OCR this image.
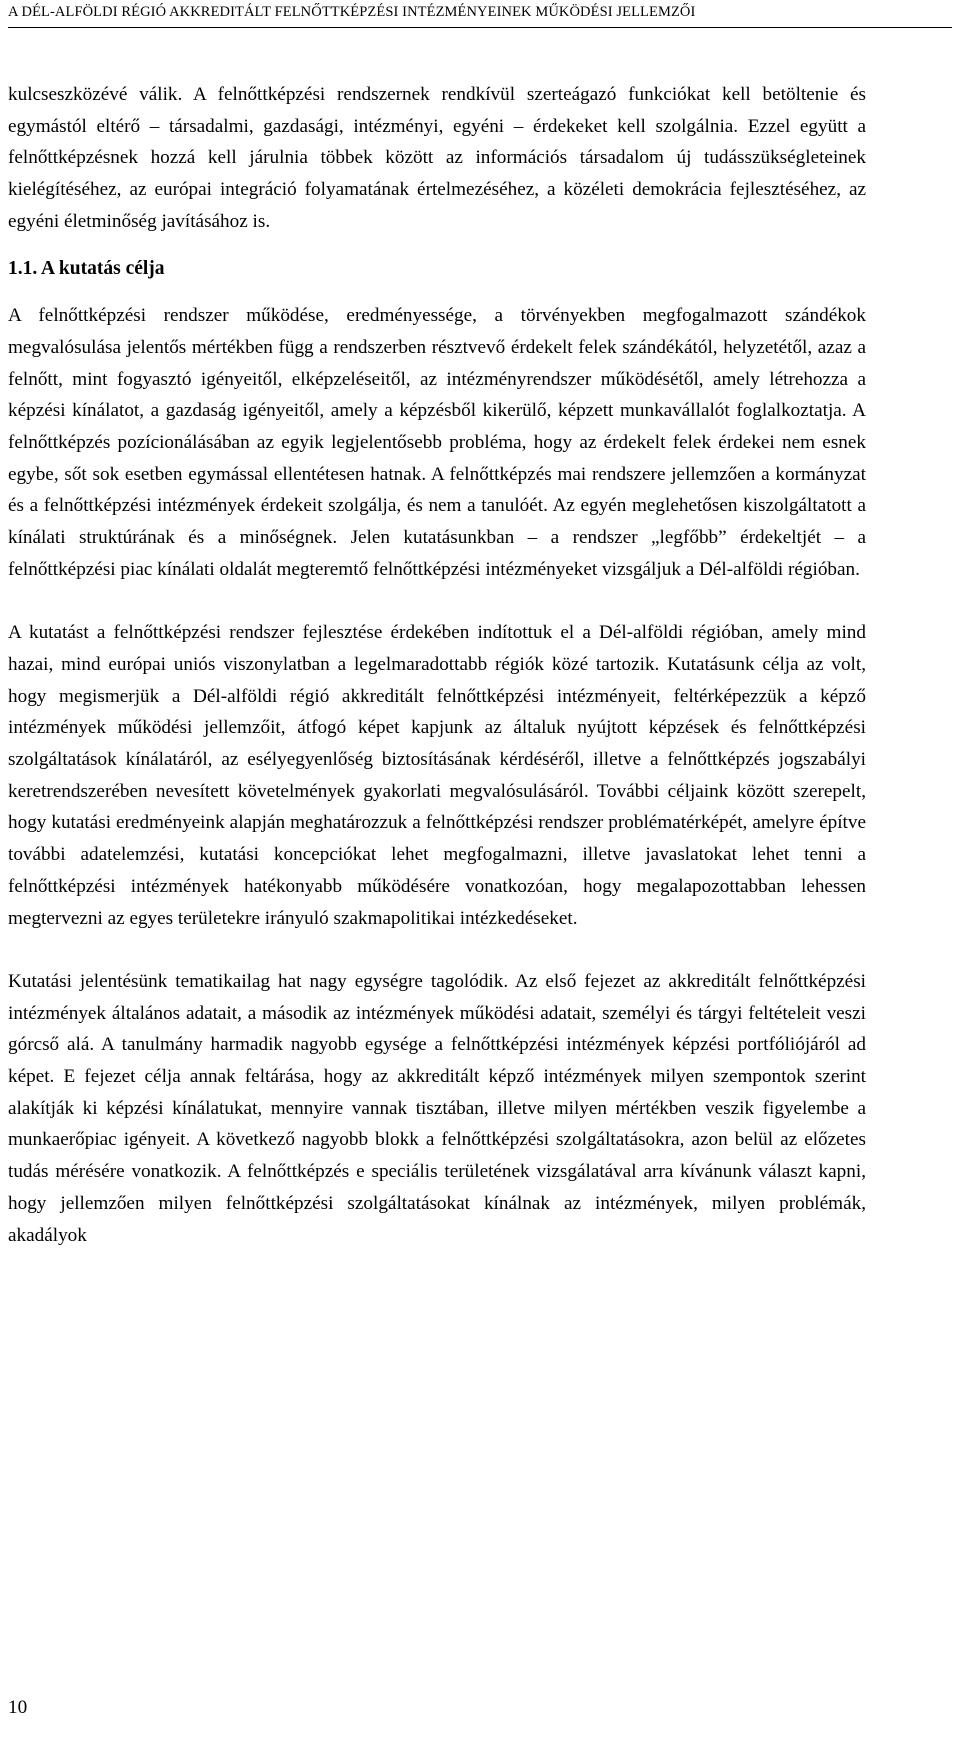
A DÉL-ALFÖLDI RÉGIÓ AKKREDITÁLT FELNŐTTKÉPZÉSI INTÉZMÉNYEINEK MŰKÖDÉSI JELLEMZŐI

kulcseszközévé válik. A felnőttképzési rendszernek rendkívül szerteágazó funkciókat kell betöltenie és egymástól eltérő – társadalmi, gazdasági, intézményi, egyéni – érdekeket kell szolgálnia. Ezzel együtt a felnőttképzésnek hozzá kell járulnia többek között az információs társadalom új tudásszükségleteinek kielégítéséhez, az európai integráció folyamatának értelmezéséhez, a közéleti demokrácia fejlesztéséhez, az egyéni életminőség javításához is.

1.1. A kutatás célja

A felnőttképzési rendszer működése, eredményessége, a törvényekben megfogalmazott szándékok megvalósulása jelentős mértékben függ a rendszerben résztvevő érdekelt felek szándékától, helyzetétől, azaz a felnőtt, mint fogyasztó igényeitől, elképzeléseitől, az intézményrendszer működésétől, amely létrehozza a képzési kínálatot, a gazdaság igényeitől, amely a képzésből kikerülő, képzett munkavállalót foglalkoztatja. A felnőttképzés pozícionálásában az egyik legjelentősebb probléma, hogy az érdekelt felek érdekei nem esnek egybe, sőt sok esetben egymással ellentétesen hatnak. A felnőttképzés mai rendszere jellemzően a kormányzat és a felnőttképzési intézmények érdekeit szolgálja, és nem a tanulóét. Az egyén meglehetősen kiszolgáltatott a kínálati struktúrának és a minőségnek. Jelen kutatásunkban – a rendszer „legfőbb” érdekeltjét – a felnőttképzési piac kínálati oldalát megteremtő felnőttképzési intézményeket vizsgáljuk a Dél-alföldi régióban.

A kutatást a felnőttképzési rendszer fejlesztése érdekében indítottuk el a Dél-alföldi régióban, amely mind hazai, mind európai uniós viszonylatban a legelmaradottabb régiók közé tartozik. Kutatásunk célja az volt, hogy megismerjük a Dél-alföldi régió akkreditált felnőttképzési intézményeit, feltérképezzük a képző intézmények működési jellemzőit, átfogó képet kapjunk az általuk nyújtott képzések és felnőttképzési szolgáltatások kínálatáról, az esélyegyenlőség biztosításának kérdéséről, illetve a felnőttképzés jogszabályi keretrendszerében nevesített követelmények gyakorlati megvalósulásáról. További céljaink között szerepelt, hogy kutatási eredményeink alapján meghatározzuk a felnőttképzési rendszer problématérképét, amelyre építve további adatelemzési, kutatási koncepciókat lehet megfogalmazni, illetve javaslatokat lehet tenni a felnőttképzési intézmények hatékonyabb működésére vonatkozóan, hogy megalapozottabban lehessen megtervezni az egyes területekre irányuló szakmapolitikai intézkedéseket.

Kutatási jelentésünk tematikailag hat nagy egységre tagolódik. Az első fejezet az akkreditált felnőttképzési intézmények általános adatait, a második az intézmények működési adatait, személyi és tárgyi feltételeit veszi górcső alá. A tanulmány harmadik nagyobb egysége a felnőttképzési intézmények képzési portfóliójáról ad képet. E fejezet célja annak feltárása, hogy az akkreditált képző intézmények milyen szempontok szerint alakítják ki képzési kínálatukat, mennyire vannak tisztában, illetve milyen mértékben veszik figyelembe a munkaerőpiac igényeit. A következő nagyobb blokk a felnőttképzési szolgáltatásokra, azon belül az előzetes tudás mérésére vonatkozik. A felnőttképzés e speciális területének vizsgálatával arra kívánunk választ kapni, hogy jellemzően milyen felnőttképzési szolgáltatásokat kínálnak az intézmények, milyen problémák, akadályok

10
